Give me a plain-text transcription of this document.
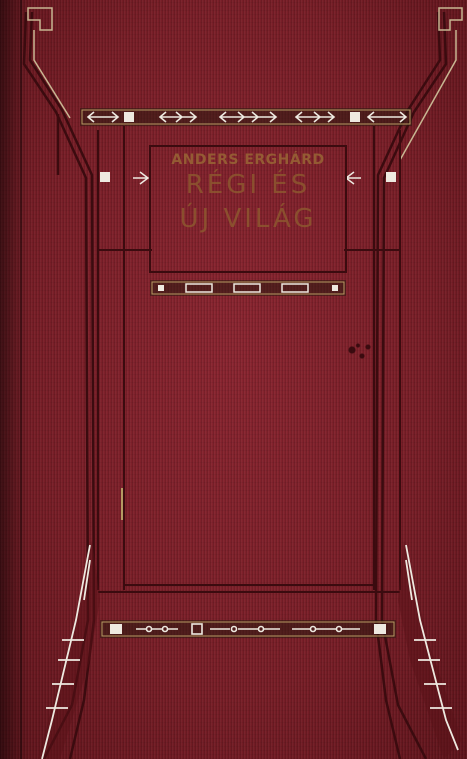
ANDERS ERGHÁRD
RÉGI ÉS
ÚJ VILÁG
